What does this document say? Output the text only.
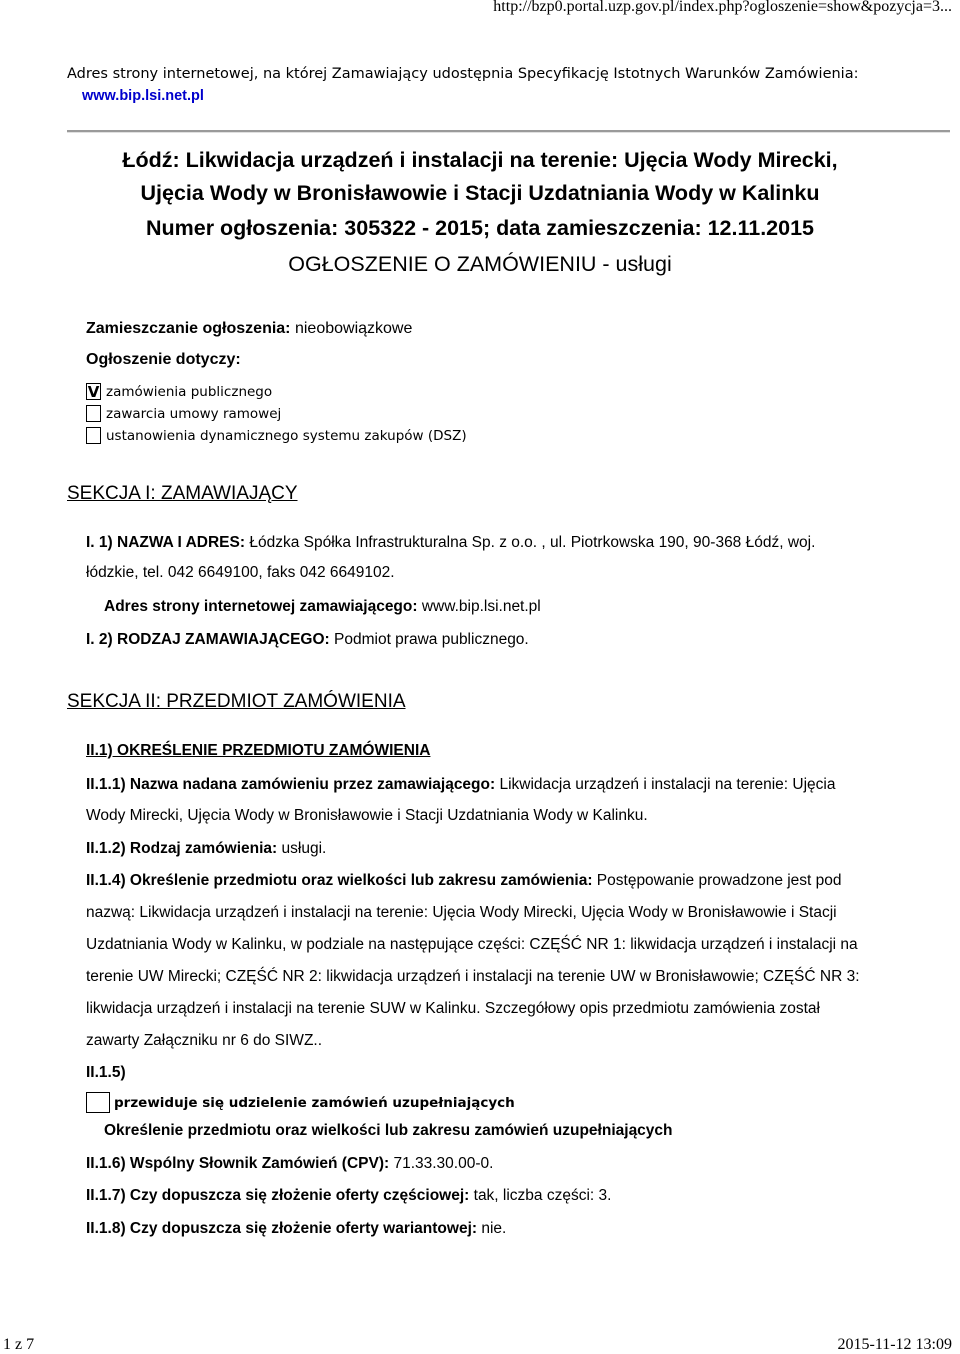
http://bzp0.portal.uzp.gov.pl/index.php?ogloszenie=show&pozycja=3...
1 z 7	2015-11-12 13:09
Adres strony internetowej, na której Zamawiający udostępnia Specyfikację Istotnych Warunków Zamówienia:
www.bip.lsi.net.pl
Łódź: Likwidacja urządzeń i instalacji na terenie: Ujęcia Wody Mirecki,
Ujęcia Wody w Bronisławowie i Stacji Uzdatniania Wody w Kalinku
Numer ogłoszenia: 305322 - 2015; data zamieszczenia: 12.11.2015
OGŁOSZENIE O ZAMÓWIENIU - usługi
Zamieszczanie ogłoszenia: nieobowiązkowe
Ogłoszenie dotyczy:
V zamówienia publicznego
zawarcia umowy ramowej
ustanowienia dynamicznego systemu zakupów (DSZ)
SEKCJA I: ZAMAWIAJĄCY
I. 1) NAZWA I ADRES: Łódzka Spółka Infrastrukturalna Sp. z o.o. , ul. Piotrkowska 190, 90-368 Łódź, woj.
łódzkie, tel. 042 6649100, faks 042 6649102.
Adres strony internetowej zamawiającego: www.bip.lsi.net.pl
I. 2) RODZAJ ZAMAWIAJĄCEGO: Podmiot prawa publicznego.
SEKCJA II: PRZEDMIOT ZAMÓWIENIA
II.1) OKREŚLENIE PRZEDMIOTU ZAMÓWIENIA
II.1.1) Nazwa nadana zamówieniu przez zamawiającego: Likwidacja urządzeń i instalacji na terenie: Ujęcia
Wody Mirecki, Ujęcia Wody w Bronisławowie i Stacji Uzdatniania Wody w Kalinku.
II.1.2) Rodzaj zamówienia: usługi.
II.1.4) Określenie przedmiotu oraz wielkości lub zakresu zamówienia: Postępowanie prowadzone jest pod
nazwą: Likwidacja urządzeń i instalacji na terenie: Ujęcia Wody Mirecki, Ujęcia Wody w Bronisławowie i Stacji
Uzdatniania Wody w Kalinku, w podziale na następujące części: CZĘŚĆ NR 1: likwidacja urządzeń i instalacji na
terenie UW Mirecki; CZĘŚĆ NR 2: likwidacja urządzeń i instalacji na terenie UW w Bronisławowie; CZĘŚĆ NR 3:
likwidacja urządzeń i instalacji na terenie SUW w Kalinku. Szczegółowy opis przedmiotu zamówienia został
zawarty Załączniku nr 6 do SIWZ..
II.1.5)
przewiduje się udzielenie zamówień uzupełniających
Określenie przedmiotu oraz wielkości lub zakresu zamówień uzupełniających
II.1.6) Wspólny Słownik Zamówień (CPV): 71.33.30.00-0.
II.1.7) Czy dopuszcza się złożenie oferty częściowej: tak, liczba części: 3.
II.1.8) Czy dopuszcza się złożenie oferty wariantowej: nie.
